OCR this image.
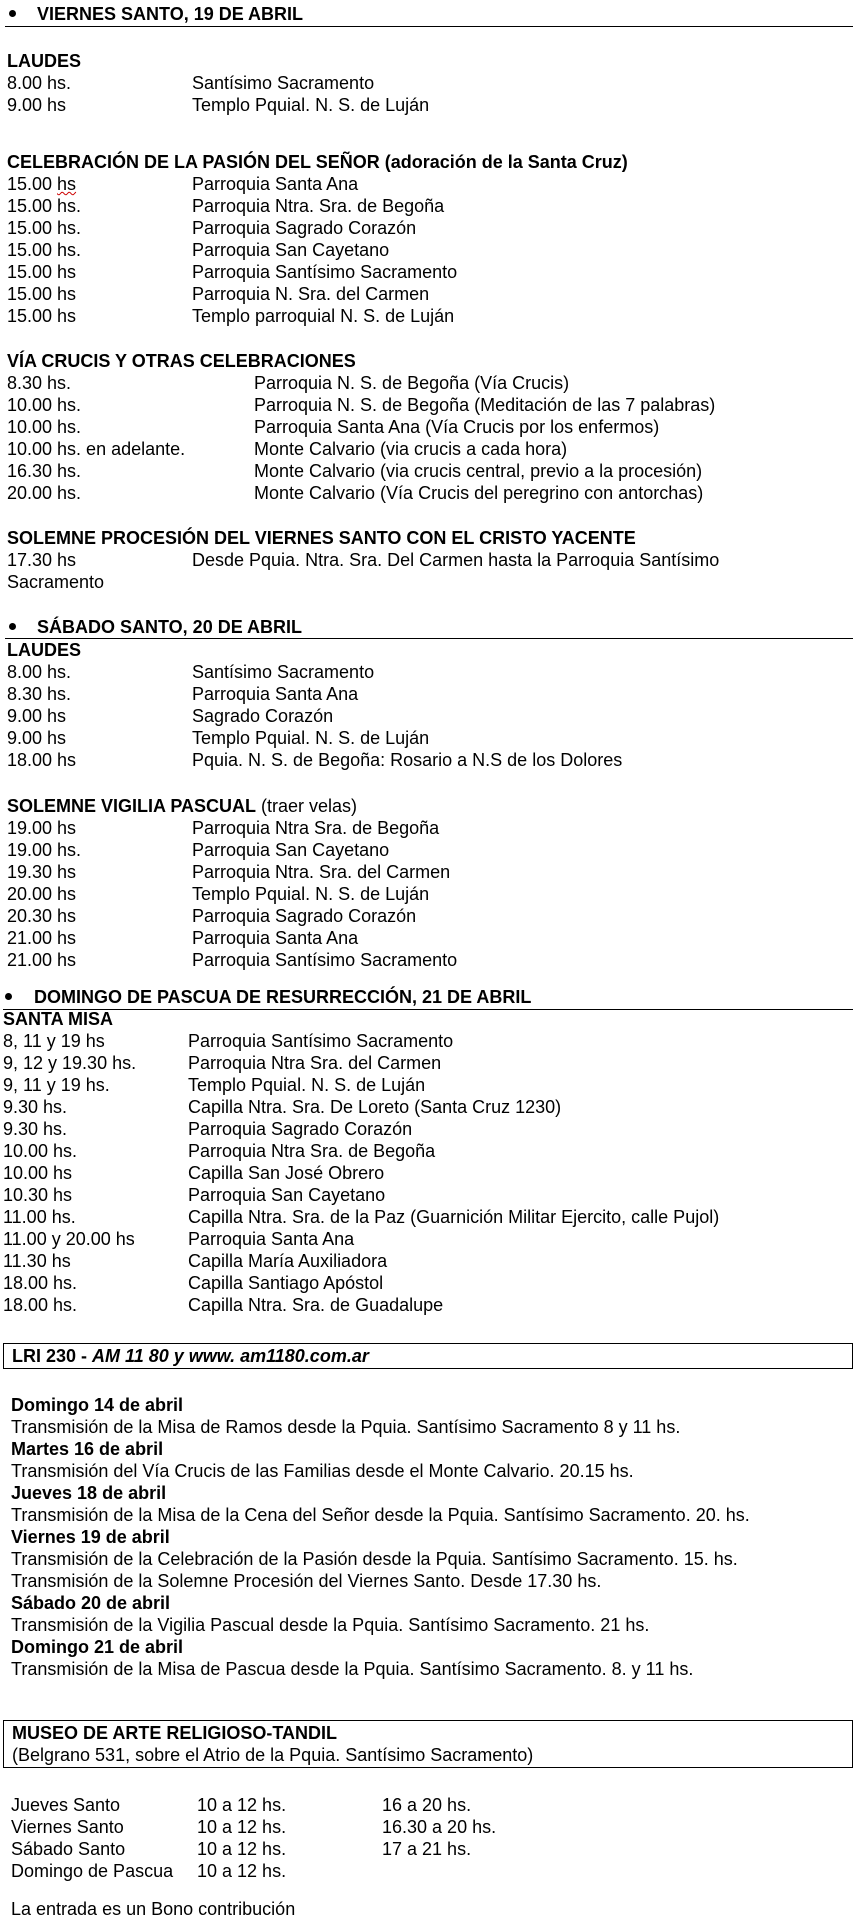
VIERNES SANTO, 19 DE ABRIL
LAUDES
8.00 hs.	Santísimo Sacramento
9.00 hs	Templo Pquial. N. S. de Luján
CELEBRACIÓN DE LA PASIÓN DEL SEÑOR (adoración de la Santa Cruz)
15.00 hs	Parroquia Santa Ana
15.00 hs.	Parroquia Ntra. Sra. de Begoña
15.00 hs.	Parroquia Sagrado Corazón
15.00 hs.	Parroquia San Cayetano
15.00 hs	Parroquia Santísimo Sacramento
15.00 hs	Parroquia N. Sra. del Carmen
15.00 hs	Templo parroquial N. S. de Luján
VÍA CRUCIS Y OTRAS CELEBRACIONES
8.30 hs.	Parroquia N. S. de Begoña (Vía Crucis)
10.00 hs.	Parroquia N. S. de Begoña (Meditación de las 7 palabras)
10.00 hs.	Parroquia Santa Ana (Vía Crucis por los enfermos)
10.00 hs. en adelante.	Monte Calvario (via crucis a cada hora)
16.30 hs.	Monte Calvario (via crucis central, previo a la procesión)
20.00 hs.	Monte Calvario (Vía Crucis del peregrino con antorchas)
SOLEMNE PROCESIÓN DEL VIERNES SANTO CON EL CRISTO YACENTE
17.30 hs	Desde Pquia. Ntra. Sra. Del Carmen hasta la Parroquia Santísimo
Sacramento
SÁBADO SANTO, 20 DE ABRIL
LAUDES
8.00 hs.	Santísimo Sacramento
8.30 hs.	Parroquia Santa Ana
9.00 hs	Sagrado Corazón
9.00 hs	Templo Pquial. N. S. de Luján
18.00 hs	Pquia. N. S. de Begoña: Rosario a N.S de los Dolores
SOLEMNE VIGILIA PASCUAL (traer velas)
19.00 hs	Parroquia Ntra Sra. de Begoña
19.00 hs.	Parroquia San Cayetano
19.30 hs	Parroquia Ntra. Sra. del Carmen
20.00 hs	Templo Pquial. N. S. de Luján
20.30 hs	Parroquia Sagrado Corazón
21.00 hs	Parroquia Santa Ana
21.00 hs	Parroquia Santísimo Sacramento
DOMINGO DE PASCUA DE RESURRECCIÓN, 21 DE ABRIL
SANTA MISA
8, 11 y 19 hs	Parroquia Santísimo Sacramento
9, 12 y 19.30 hs.	Parroquia Ntra Sra. del Carmen
9, 11 y 19 hs.	Templo Pquial. N. S. de Luján
9.30 hs.	Capilla Ntra. Sra. De Loreto (Santa Cruz 1230)
9.30 hs.	Parroquia Sagrado Corazón
10.00 hs.	Parroquia Ntra Sra. de Begoña
10.00 hs	Capilla San José Obrero
10.30 hs	Parroquia San Cayetano
11.00 hs.	Capilla Ntra. Sra. de la Paz (Guarnición Militar Ejercito, calle Pujol)
11.00 y 20.00 hs	Parroquia Santa Ana
11.30 hs	Capilla María Auxiliadora
18.00 hs.	Capilla Santiago Apóstol
18.00 hs.	Capilla Ntra. Sra. de Guadalupe
LRI 230 - AM 11 80 y www. am1180.com.ar
Domingo 14 de abril
Transmisión de la Misa de Ramos desde la Pquia. Santísimo Sacramento 8 y 11 hs.
Martes 16 de abril
Transmisión del Vía Crucis de las Familias desde el Monte Calvario. 20.15 hs.
Jueves 18 de abril
Transmisión de la Misa de la Cena del Señor desde la Pquia. Santísimo Sacramento. 20. hs.
Viernes 19 de abril
Transmisión de la Celebración de la Pasión desde la Pquia. Santísimo Sacramento. 15. hs.
Transmisión de la Solemne Procesión del Viernes Santo. Desde 17.30 hs.
Sábado 20 de abril
Transmisión de la Vigilia Pascual desde la Pquia. Santísimo Sacramento. 21 hs.
Domingo 21 de abril
Transmisión de la Misa de Pascua desde la Pquia. Santísimo Sacramento. 8. y 11 hs.
MUSEO DE ARTE RELIGIOSO-TANDIL
(Belgrano 531, sobre el Atrio de la Pquia. Santísimo Sacramento)
Jueves Santo	10 a 12 hs.	16 a 20 hs.
Viernes Santo	10 a 12 hs.	16.30 a 20 hs.
Sábado Santo	10 a 12 hs.	17 a 21 hs.
Domingo de Pascua 10 a 12 hs.
La entrada es un Bono contribución
